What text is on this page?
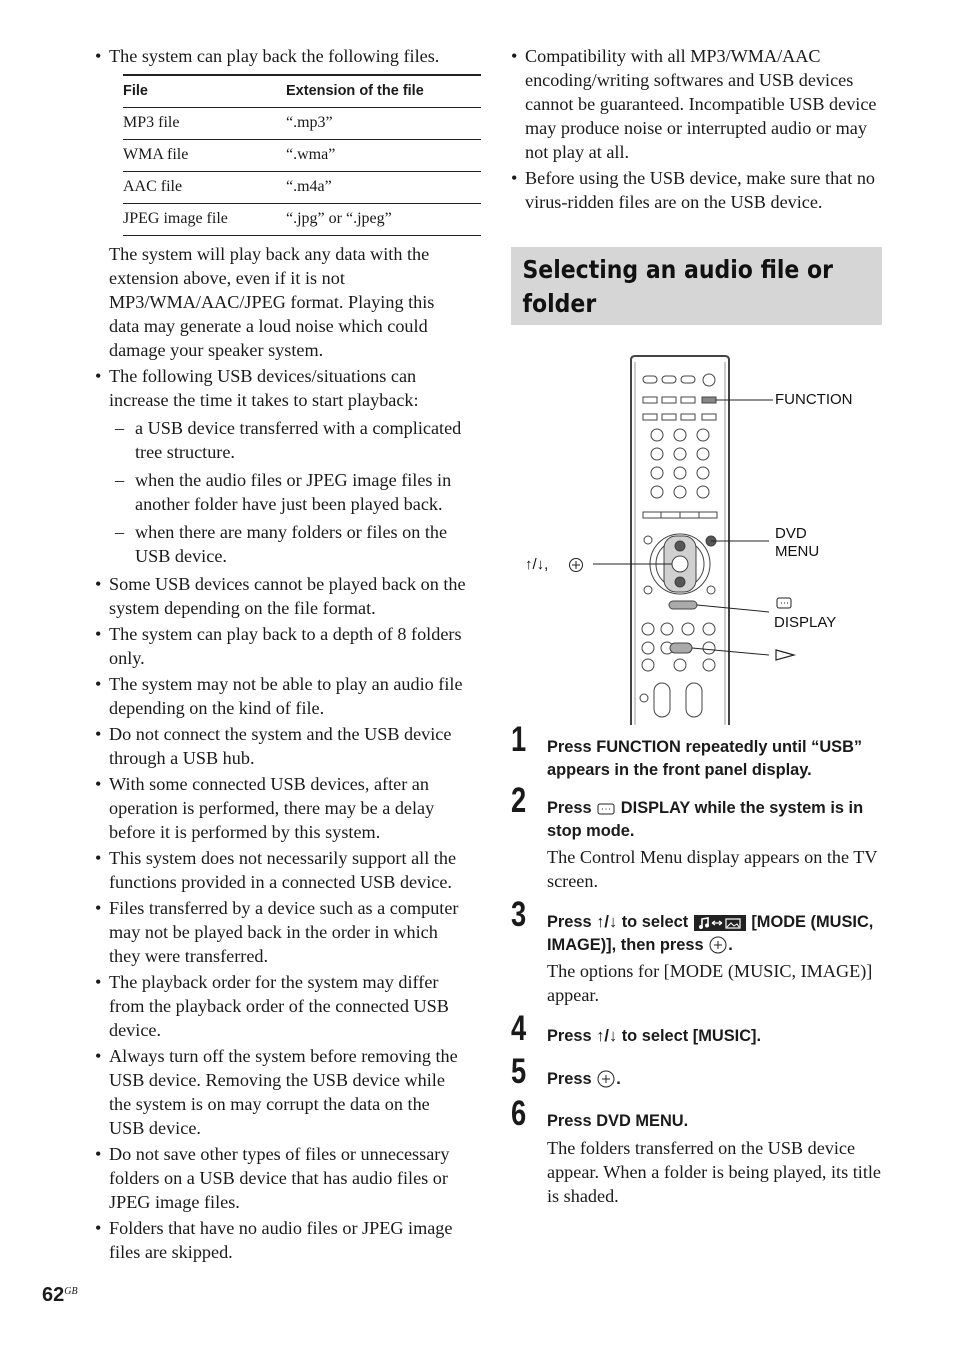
• The system can play back the following files.
File	Extension of the file
MP3 file	“.mp3”
WMA file	“.wma”
AAC file	“.m4a”
JPEG image file	“.jpg” or “.jpeg”
The system will play back any data with the extension above, even if it is not MP3/WMA/AAC/JPEG format. Playing this data may generate a loud noise which could damage your speaker system.
• The following USB devices/situations can increase the time it takes to start playback:
– a USB device transferred with a complicated tree structure.
– when the audio files or JPEG image files in another folder have just been played back.
– when there are many folders or files on the USB device.
• Some USB devices cannot be played back on the system depending on the file format.
• The system can play back to a depth of 8 folders only.
• The system may not be able to play an audio file depending on the kind of file.
• Do not connect the system and the USB device through a USB hub.
• With some connected USB devices, after an operation is performed, there may be a delay before it is performed by this system.
• This system does not necessarily support all the functions provided in a connected USB device.
• Files transferred by a device such as a computer may not be played back in the order in which they were transferred.
• The playback order for the system may differ from the playback order of the connected USB device.
• Always turn off the system before removing the USB device. Removing the USB device while the system is on may corrupt the data on the USB device.
• Do not save other types of files or unnecessary folders on a USB device that has audio files or JPEG image files.
• Folders that have no audio files or JPEG image files are skipped.
• Compatibility with all MP3/WMA/AAC encoding/writing softwares and USB devices cannot be guaranteed. Incompatible USB device may produce noise or interrupted audio or may not play at all.
• Before using the USB device, make sure that no virus-ridden files are on the USB device.
Selecting an audio file or folder
FUNCTION
DVD
MENU
DISPLAY
↑/↓,
1 Press FUNCTION repeatedly until “USB” appears in the front panel display.
2 Press DISPLAY while the system is in stop mode.
The Control Menu display appears on the TV screen.
3 Press ↑/↓ to select	[MODE (MUSIC, IMAGE)], then press .
The options for [MODE (MUSIC, IMAGE)] appear.
4 Press ↑/↓ to select [MUSIC].
5 Press .
6 Press DVD MENU.
The folders transferred on the USB device appear. When a folder is being played, its title is shaded.
$62^{GB}$
